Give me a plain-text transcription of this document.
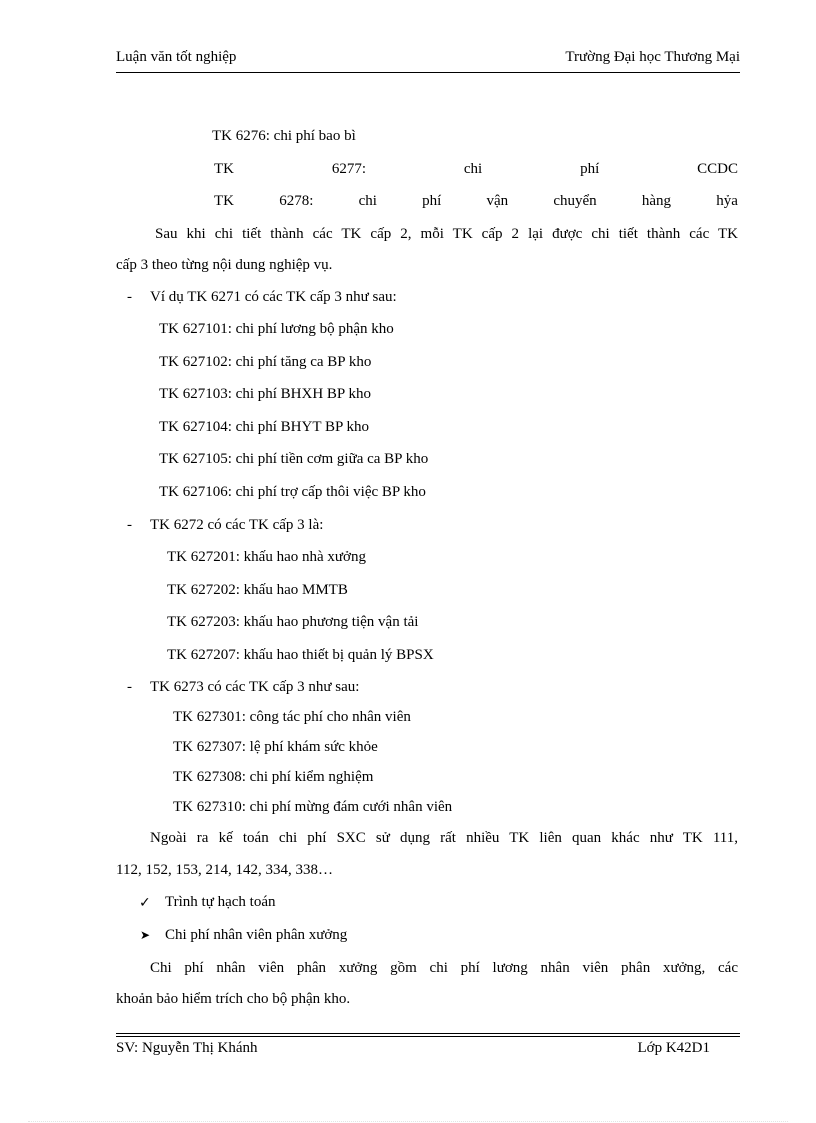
Luận văn tốt nghiệp	Trường Đại học Thương Mại
TK 6276: chi phí bao bì
TK	6277:	chi	phí	CCDC
TK	6278:	chi	phí	vận	chuyển	hàng	hỷa
Sau khi chi tiết thành các TK cấp 2, mỗi TK cấp 2 lại được chi tiết thành các TK
cấp 3 theo từng nội dung nghiệp vụ.
- Ví dụ TK 6271 có các TK cấp 3 như sau:
TK 627101: chi phí lương bộ phận kho
TK 627102: chi phí tăng ca BP kho
TK 627103: chi phí BHXH BP kho
TK 627104: chi phí BHYT BP kho
TK 627105: chi phí tiền cơm giữa ca BP kho
TK 627106: chi phí trợ cấp thôi việc BP kho
- TK 6272 có các TK cấp 3 là:
TK 627201: khấu hao nhà xưởng
TK 627202: khấu hao MMTB
TK 627203: khấu hao phương tiện vận tải
TK 627207: khấu hao thiết bị quản lý BPSX
- TK 6273 có các TK cấp 3 như sau:
TK 627301: công tác phí cho nhân viên
TK 627307: lệ phí khám sức khỏe
TK 627308: chi phí kiểm nghiệm
TK 627310: chi phí mừng đám cưới nhân viên
Ngoài ra kế toán chi phí SXC sử dụng rất nhiều TK liên quan khác như TK 111,
112, 152, 153, 214, 142, 334, 338…
✓ Trình tự hạch toán
➤ Chi phí nhân viên phân xưởng
Chi phí nhân viên phân xưởng gồm chi phí lương nhân viên phân xưởng, các
khoản bảo hiểm trích cho bộ phận kho.
SV: Nguyễn Thị Khánh	Lớp K42D1
